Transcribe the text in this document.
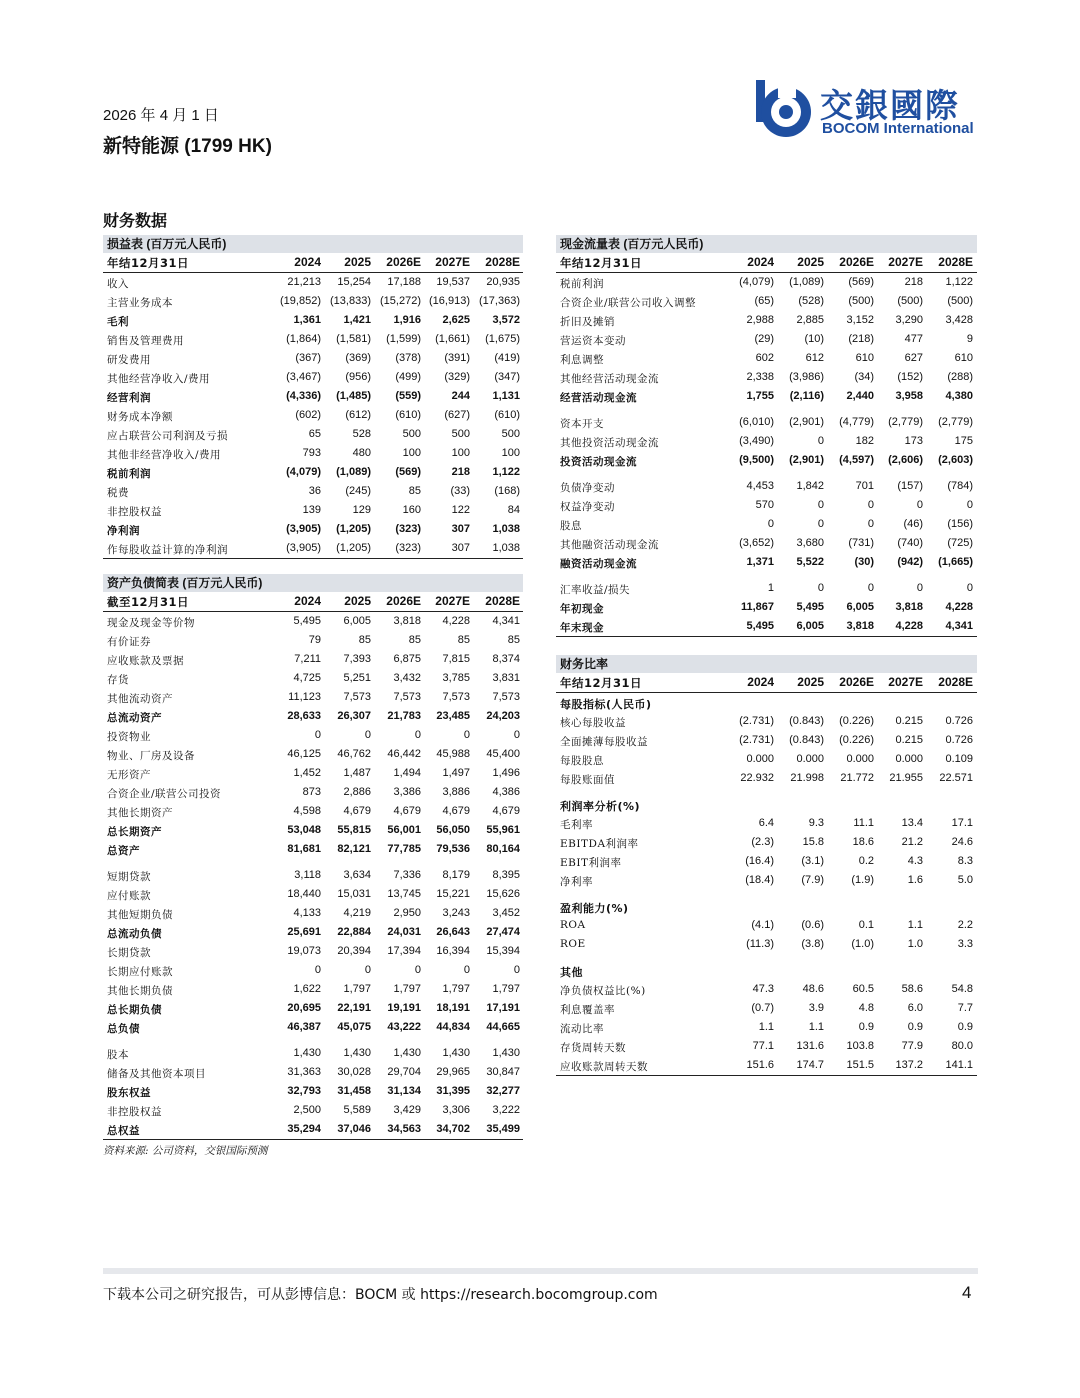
2026 年 4 月 1 日
新特能源 (1799 HK)
交銀國際
BOCOM International
财务数据
损益表 (百万元人民币)
年结12月31日	2024	2025	2026E	2027E	2028E
收入	21,213	15,254	17,188	19,537	20,935
主营业务成本	(19,852) (13,833) (15,272) (16,913) (17,363)
毛利	1,361	1,421	1,916	2,625	3,572
销售及管理费用	(1,864)	(1,581)	(1,599)	(1,661)	(1,675)
研发费用	(367)	(369)	(378)	(391)	(419)
其他经营净收入/费用	(3,467)	(956)	(499)	(329)	(347)
经营利润	(4,336)	(1,485)	(559)	244	1,131
财务成本净额	(602)	(612)	(610)	(627)	(610)
应占联营公司利润及亏损	65	528	500	500	500
其他非经营净收入/费用	793	480	100	100	100
税前利润	(4,079)	(1,089)	(569)	218	1,122
税费	36	(245)	85	(33)	(168)
非控股权益	139	129	160	122	84
净利润	(3,905)	(1,205)	(323)	307	1,038
作每股收益计算的净利润	(3,905)	(1,205)	(323)	307	1,038
资产负债简表 (百万元人民币)
截至12月31日	2024	2025	2026E	2027E	2028E
现金及现金等价物	5,495	6,005	3,818	4,228	4,341
有价证券	79	85	85	85	85
应收账款及票据	7,211	7,393	6,875	7,815	8,374
存货	4,725	5,251	3,432	3,785	3,831
其他流动资产	11,123	7,573	7,573	7,573	7,573
总流动资产	28,633	26,307	21,783	23,485	24,203
投资物业	0	0	0	0	0
物业、厂房及设备	46,125	46,762	46,442	45,988	45,400
无形资产	1,452	1,487	1,494	1,497	1,496
合资企业/联营公司投资	873	2,886	3,386	3,886	4,386
其他长期资产	4,598	4,679	4,679	4,679	4,679
总长期资产	53,048	55,815	56,001	56,050	55,961
总资产	81,681	82,121	77,785	79,536	80,164
短期贷款	3,118	3,634	7,336	8,179	8,395
应付账款	18,440	15,031	13,745	15,221	15,626
其他短期负债	4,133	4,219	2,950	3,243	3,452
总流动负债	25,691	22,884	24,031	26,643	27,474
长期贷款	19,073	20,394	17,394	16,394	15,394
长期应付账款	0	0	0	0	0
其他长期负债	1,622	1,797	1,797	1,797	1,797
总长期负债	20,695	22,191	19,191	18,191	17,191
总负债	46,387	45,075	43,222	44,834	44,665
股本	1,430	1,430	1,430	1,430	1,430
储备及其他资本项目	31,363	30,028	29,704	29,965	30,847
股东权益	32,793	31,458	31,134	31,395	32,277
非控股权益	2,500	5,589	3,429	3,306	3,222
总权益	35,294	37,046	34,563	34,702	35,499
现金流量表 (百万元人民币)
年结12月31日	2024	2025	2026E	2027E	2028E
税前利润	(4,079)	(1,089)	(569)	218	1,122
合资企业/联营公司收入调整	(65)	(528)	(500)	(500)	(500)
折旧及摊销	2,988	2,885	3,152	3,290	3,428
营运资本变动	(29)	(10)	(218)	477	9
利息调整	602	612	610	627	610
其他经营活动现金流	2,338	(3,986)	(34)	(152)	(288)
经营活动现金流	1,755	(2,116)	2,440	3,958	4,380
资本开支	(6,010)	(2,901)	(4,779)	(2,779)	(2,779)
其他投资活动现金流	(3,490)	0	182	173	175
投资活动现金流	(9,500)	(2,901)	(4,597)	(2,606)	(2,603)
负债净变动	4,453	1,842	701	(157)	(784)
权益净变动	570	0	0	0	0
股息	0	0	0	(46)	(156)
其他融资活动现金流	(3,652)	3,680	(731)	(740)	(725)
融资活动现金流	1,371	5,522	(30)	(942)	(1,665)
汇率收益/损失	1	0	0	0	0
年初现金	11,867	5,495	6,005	3,818	4,228
年末现金	5,495	6,005	3,818	4,228	4,341
财务比率
年结12月31日	2024	2025	2026E	2027E	2028E
每股指标(人民币)
核心每股收益	(2.731)	(0.843)	(0.226)	0.215	0.726
全面摊薄每股收益	(2.731)	(0.843)	(0.226)	0.215	0.726
每股股息	0.000	0.000	0.000	0.000	0.109
每股账面值	22.932	21.998	21.772	21.955	22.571
利润率分析(%)
毛利率	6.4	9.3	11.1	13.4	17.1
EBITDA利润率	(2.3)	15.8	18.6	21.2	24.6
EBIT利润率	(16.4)	(3.1)	0.2	4.3	8.3
净利率	(18.4)	(7.9)	(1.9)	1.6	5.0
盈利能力(%)
ROA	(4.1)	(0.6)	0.1	1.1	2.2
ROE	(11.3)	(3.8)	(1.0)	1.0	3.3
其他
净负债权益比(%)	47.3	48.6	60.5	58.6	54.8
利息覆盖率	(0.7)	3.9	4.8	6.0	7.7
流动比率	1.1	1.1	0.9	0.9	0.9
存货周转天数	77.1	131.6	103.8	77.9	80.0
应收账款周转天数	151.6	174.7	151.5	137.2	141.1
资料来源: 公司资料，交银国际预测
下载本公司之研究报告，可从彭博信息：BOCM 或 https://research.bocomgroup.com	4
